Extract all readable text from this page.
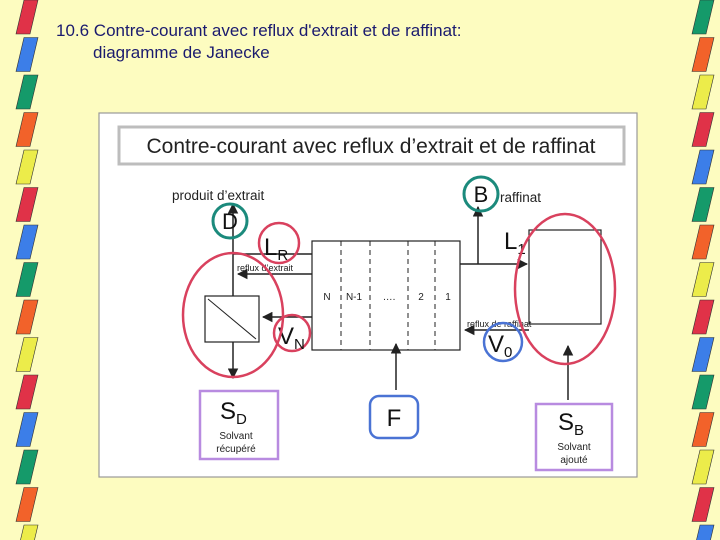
10.6 Contre-courant avec reflux d'extrait et de raffinat:
diagramme de Janecke
Contre-courant avec reflux d’extrait et de raffinat
produit d’extrait
D
reflux d’extrait
N N-1 …. 2 1
$L_R$
$V_N$
$S_D$
Solvant
récupéré
F
B raffinat
$L_1$
reflux de raffinat
$V_0$
$S_B$
Solvant
ajouté
